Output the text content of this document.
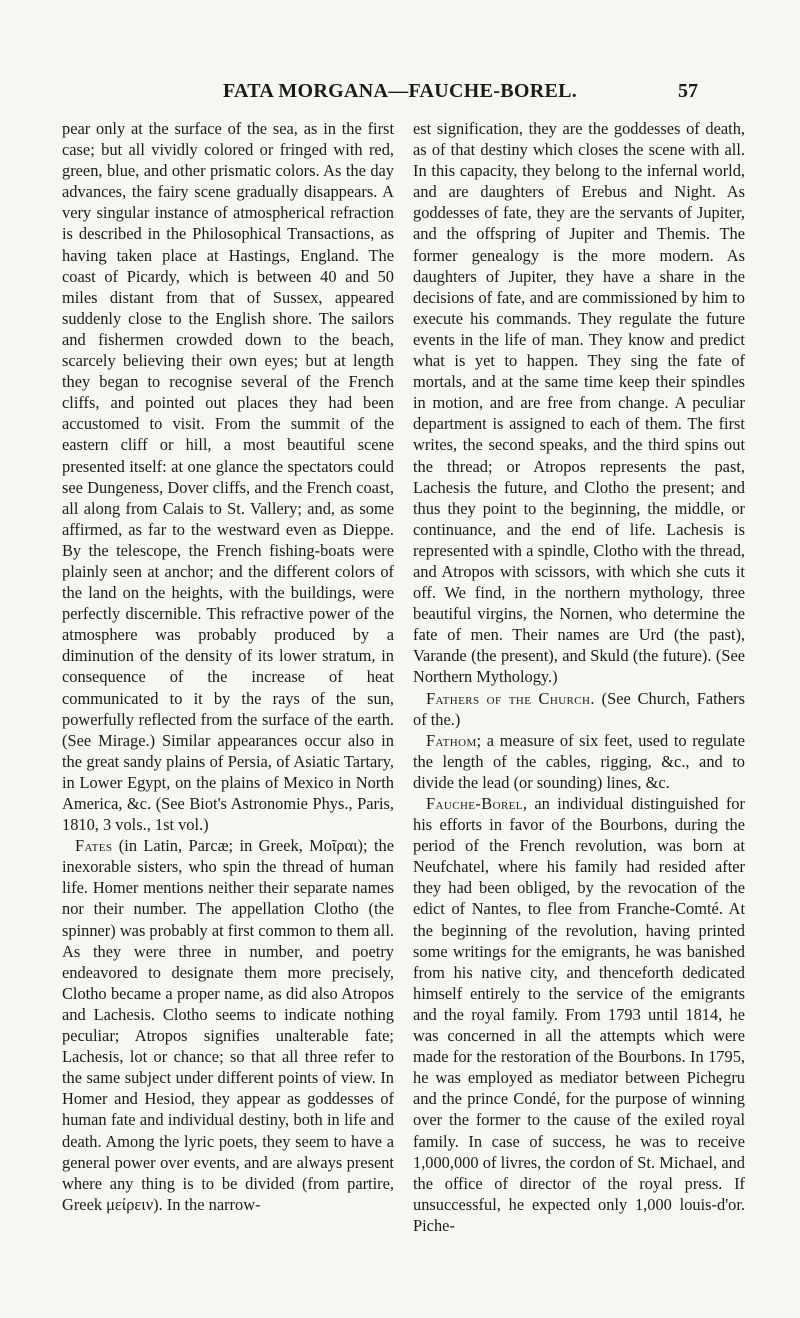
FATA MORGANA—FAUCHE-BOREL.	57

pear only at the surface of the sea, as in the first case; but all vividly colored or fringed with red, green, blue, and other prismatic colors. As the day advances, the fairy scene gradually disappears. A very singular instance of atmospherical refraction is described in the Philosophical Transactions, as having taken place at Hastings, England. The coast of Picardy, which is between 40 and 50 miles distant from that of Sussex, appeared suddenly close to the English shore. The sailors and fishermen crowded down to the beach, scarcely believing their own eyes; but at length they began to recognise several of the French cliffs, and pointed out places they had been accustomed to visit. From the summit of the eastern cliff or hill, a most beautiful scene presented itself: at one glance the spectators could see Dungeness, Dover cliffs, and the French coast, all along from Calais to St. Vallery; and, as some affirmed, as far to the westward even as Dieppe. By the telescope, the French fishing-boats were plainly seen at anchor; and the different colors of the land on the heights, with the buildings, were perfectly discernible. This refractive power of the atmosphere was probably produced by a diminution of the density of its lower stratum, in consequence of the increase of heat communicated to it by the rays of the sun, powerfully reflected from the surface of the earth. (See Mirage.) Similar appearances occur also in the great sandy plains of Persia, of Asiatic Tartary, in Lower Egypt, on the plains of Mexico in North America, &c. (See Biot's Astronomie Phys., Paris, 1810, 3 vols., 1st vol.)

Fates (in Latin, Parcæ; in Greek, Μοῖραι); the inexorable sisters, who spin the thread of human life. Homer mentions neither their separate names nor their number. The appellation Clotho (the spinner) was probably at first common to them all. As they were three in number, and poetry endeavored to designate them more precisely, Clotho became a proper name, as did also Atropos and Lachesis. Clotho seems to indicate nothing peculiar; Atropos signifies unalterable fate; Lachesis, lot or chance; so that all three refer to the same subject under different points of view. In Homer and Hesiod, they appear as goddesses of human fate and individual destiny, both in life and death. Among the lyric poets, they seem to have a general power over events, and are always present where any thing is to be divided (from partire, Greek μείρειν). In the narrow-

est signification, they are the goddesses of death, as of that destiny which closes the scene with all. In this capacity, they belong to the infernal world, and are daughters of Erebus and Night. As goddesses of fate, they are the servants of Jupiter, and the offspring of Jupiter and Themis. The former genealogy is the more modern. As daughters of Jupiter, they have a share in the decisions of fate, and are commissioned by him to execute his commands. They regulate the future events in the life of man. They know and predict what is yet to happen. They sing the fate of mortals, and at the same time keep their spindles in motion, and are free from change. A peculiar department is assigned to each of them. The first writes, the second speaks, and the third spins out the thread; or Atropos represents the past, Lachesis the future, and Clotho the present; and thus they point to the beginning, the middle, or continuance, and the end of life. Lachesis is represented with a spindle, Clotho with the thread, and Atropos with scissors, with which she cuts it off. We find, in the northern mythology, three beautiful virgins, the Nornen, who determine the fate of men. Their names are Urd (the past), Varande (the present), and Skuld (the future). (See Northern Mythology.)

Fathers of the Church. (See Church, Fathers of the.)

Fathom; a measure of six feet, used to regulate the length of the cables, rigging, &c., and to divide the lead (or sounding) lines, &c.

Fauche-Borel, an individual distinguished for his efforts in favor of the Bourbons, during the period of the French revolution, was born at Neufchatel, where his family had resided after they had been obliged, by the revocation of the edict of Nantes, to flee from Franche-Comté. At the beginning of the revolution, having printed some writings for the emigrants, he was banished from his native city, and thenceforth dedicated himself entirely to the service of the emigrants and the royal family. From 1793 until 1814, he was concerned in all the attempts which were made for the restoration of the Bourbons. In 1795, he was employed as mediator between Pichegru and the prince Condé, for the purpose of winning over the former to the cause of the exiled royal family. In case of success, he was to receive 1,000,000 of livres, the cordon of St. Michael, and the office of director of the royal press. If unsuccessful, he expected only 1,000 louis-d'or. Piche-
